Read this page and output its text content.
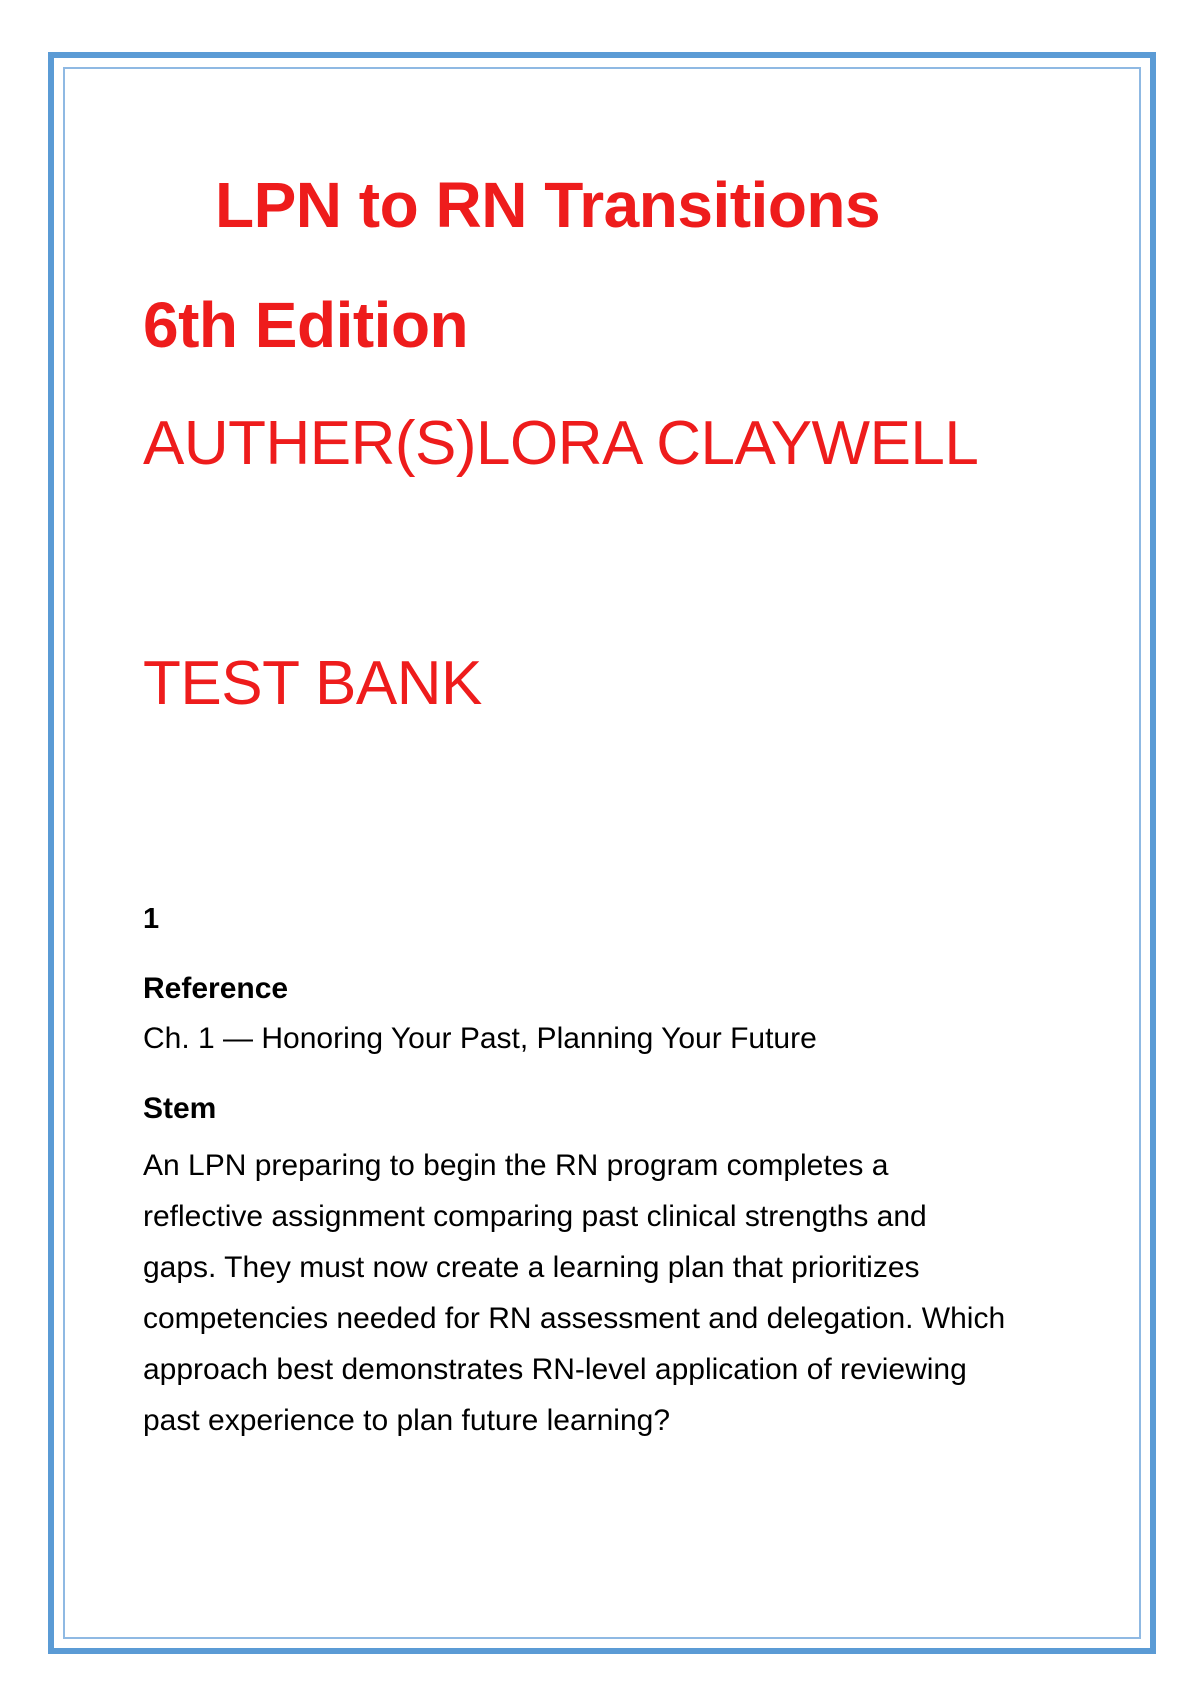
LPN to RN Transitions
6th Edition
AUTHER(S)LORA CLAYWELL
TEST BANK
1
Reference
Ch. 1 — Honoring Your Past, Planning Your Future
Stem
An LPN preparing to begin the RN program completes a
reflective assignment comparing past clinical strengths and
gaps. They must now create a learning plan that prioritizes
competencies needed for RN assessment and delegation. Which
approach best demonstrates RN-level application of reviewing
past experience to plan future learning?
